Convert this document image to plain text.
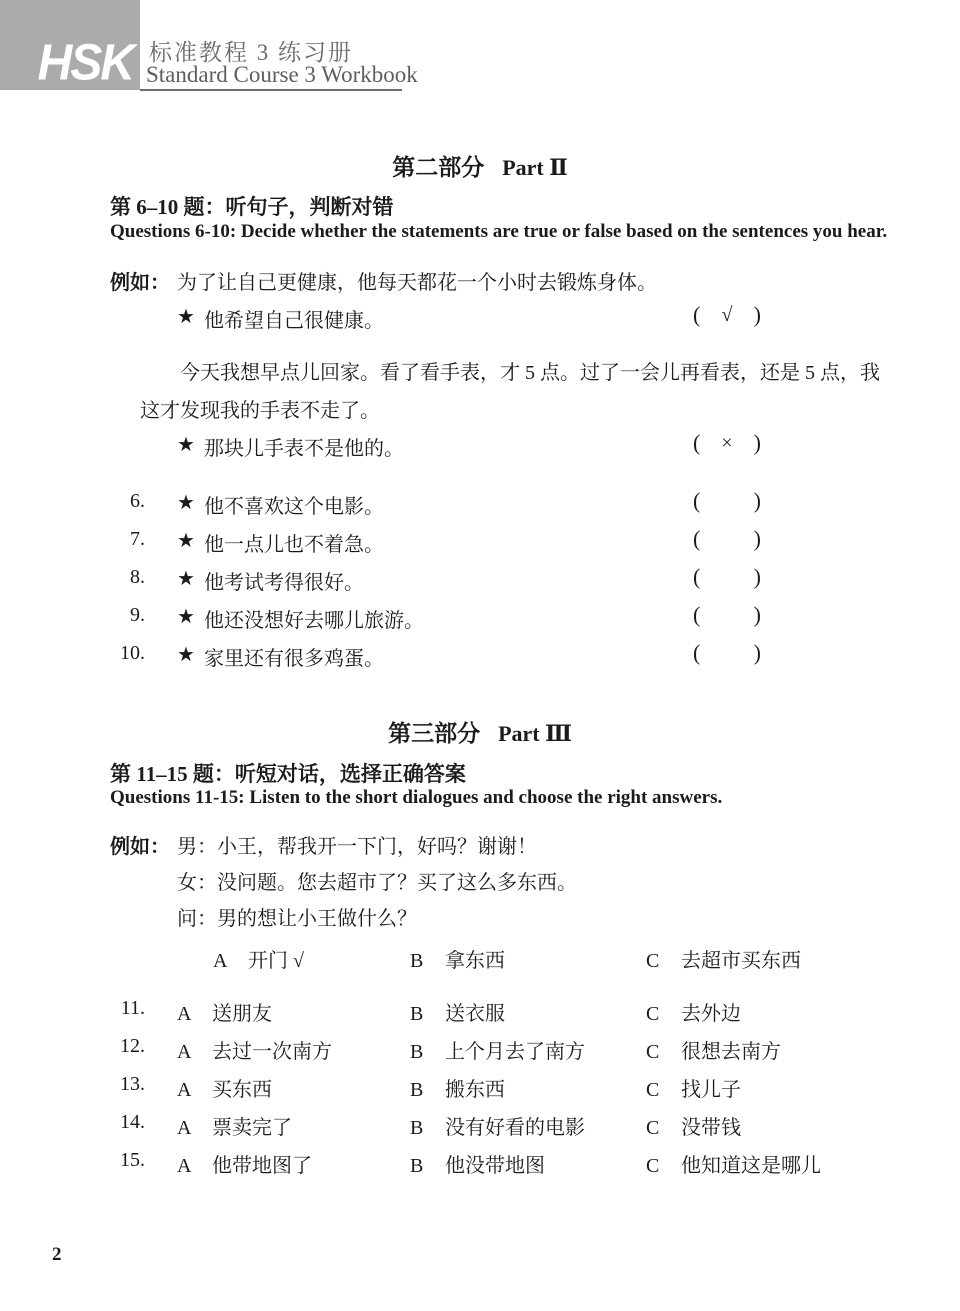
HSK 标准教程 3 练习册
Standard Course 3 Workbook
第二部分 Part Ⅱ
第 6–10 题：听句子，判断对错
Questions 6-10: Decide whether the statements are true or false based on the sentences you hear.
例如： 为了让自己更健康，他每天都花一个小时去锻炼身体。
★ 他希望自己很健康。	( √ )
今天我想早点儿回家。看了看手表，才 5 点。过了一会儿再看表，还是 5 点，我
这才发现我的手表不走了。
★ 那块儿手表不是他的。	( × )
6. ★ 他不喜欢这个电影。	( )
7. ★ 他一点儿也不着急。	( )
8. ★ 他考试考得很好。	( )
9. ★ 他还没想好去哪儿旅游。	( )
10. ★ 家里还有很多鸡蛋。	( )
第三部分 Part Ⅲ
第 11–15 题：听短对话，选择正确答案
Questions 11-15: Listen to the short dialogues and choose the right answers.
例如： 男：小王，帮我开一下门，好吗？谢谢！
女：没问题。您去超市了？买了这么多东西。
问：男的想让小王做什么？
A 开门 √	B 拿东西	C 去超市买东西
11. A 送朋友	B 送衣服	C 去外边
12. A 去过一次南方	B 上个月去了南方	C 很想去南方
13. A 买东西	B 搬东西	C 找儿子
14. A 票卖完了	B 没有好看的电影	C 没带钱
15. A 他带地图了	B 他没带地图	C 他知道这是哪儿
2
